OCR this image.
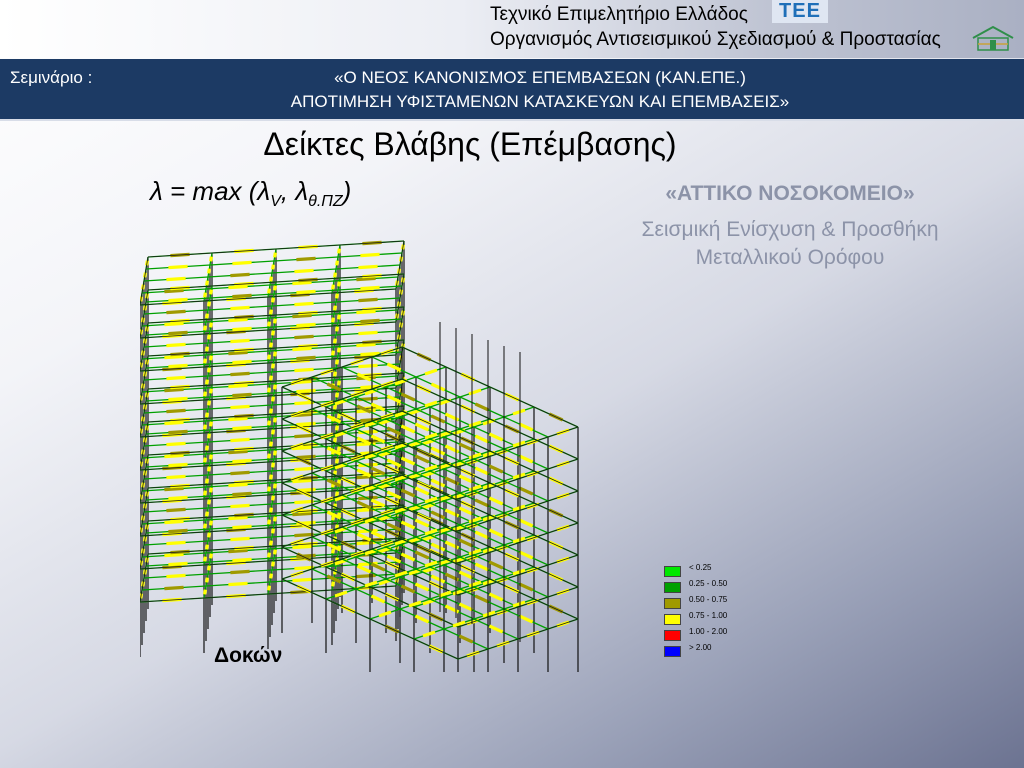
Τεχνικό Επιμελητήριο Ελλάδος
Οργανισμός Αντισεισμικού Σχεδιασμού & Προστασίας
ΤΕΕ
Σεμινάριο :	«Ο ΝΕΟΣ ΚΑΝΟΝΙΣΜΟΣ ΕΠΕΜΒΑΣΕΩΝ (ΚΑΝ.ΕΠΕ.)
ΑΠΟΤΙΜΗΣΗ ΥΦΙΣΤΑΜΕΝΩΝ ΚΑΤΑΣΚΕΥΩΝ ΚΑΙ ΕΠΕΜΒΑΣΕΙΣ»
Δείκτες Βλάβης (Επέμβασης)
$\lambda = \max (\lambda_V$, $\lambda_{\theta.\Pi Z}$)	«ΑΤΤΙΚΟ ΝΟΣΟΚΟΜΕΙΟ»
Σεισμική Ενίσχυση & Προσθήκη
Μεταλλικού Ορόφου
Δοκών
< 0.25
0.25 - 0.50
0.50 - 0.75
0.75 - 1.00
1.00 - 2.00
> 2.00
